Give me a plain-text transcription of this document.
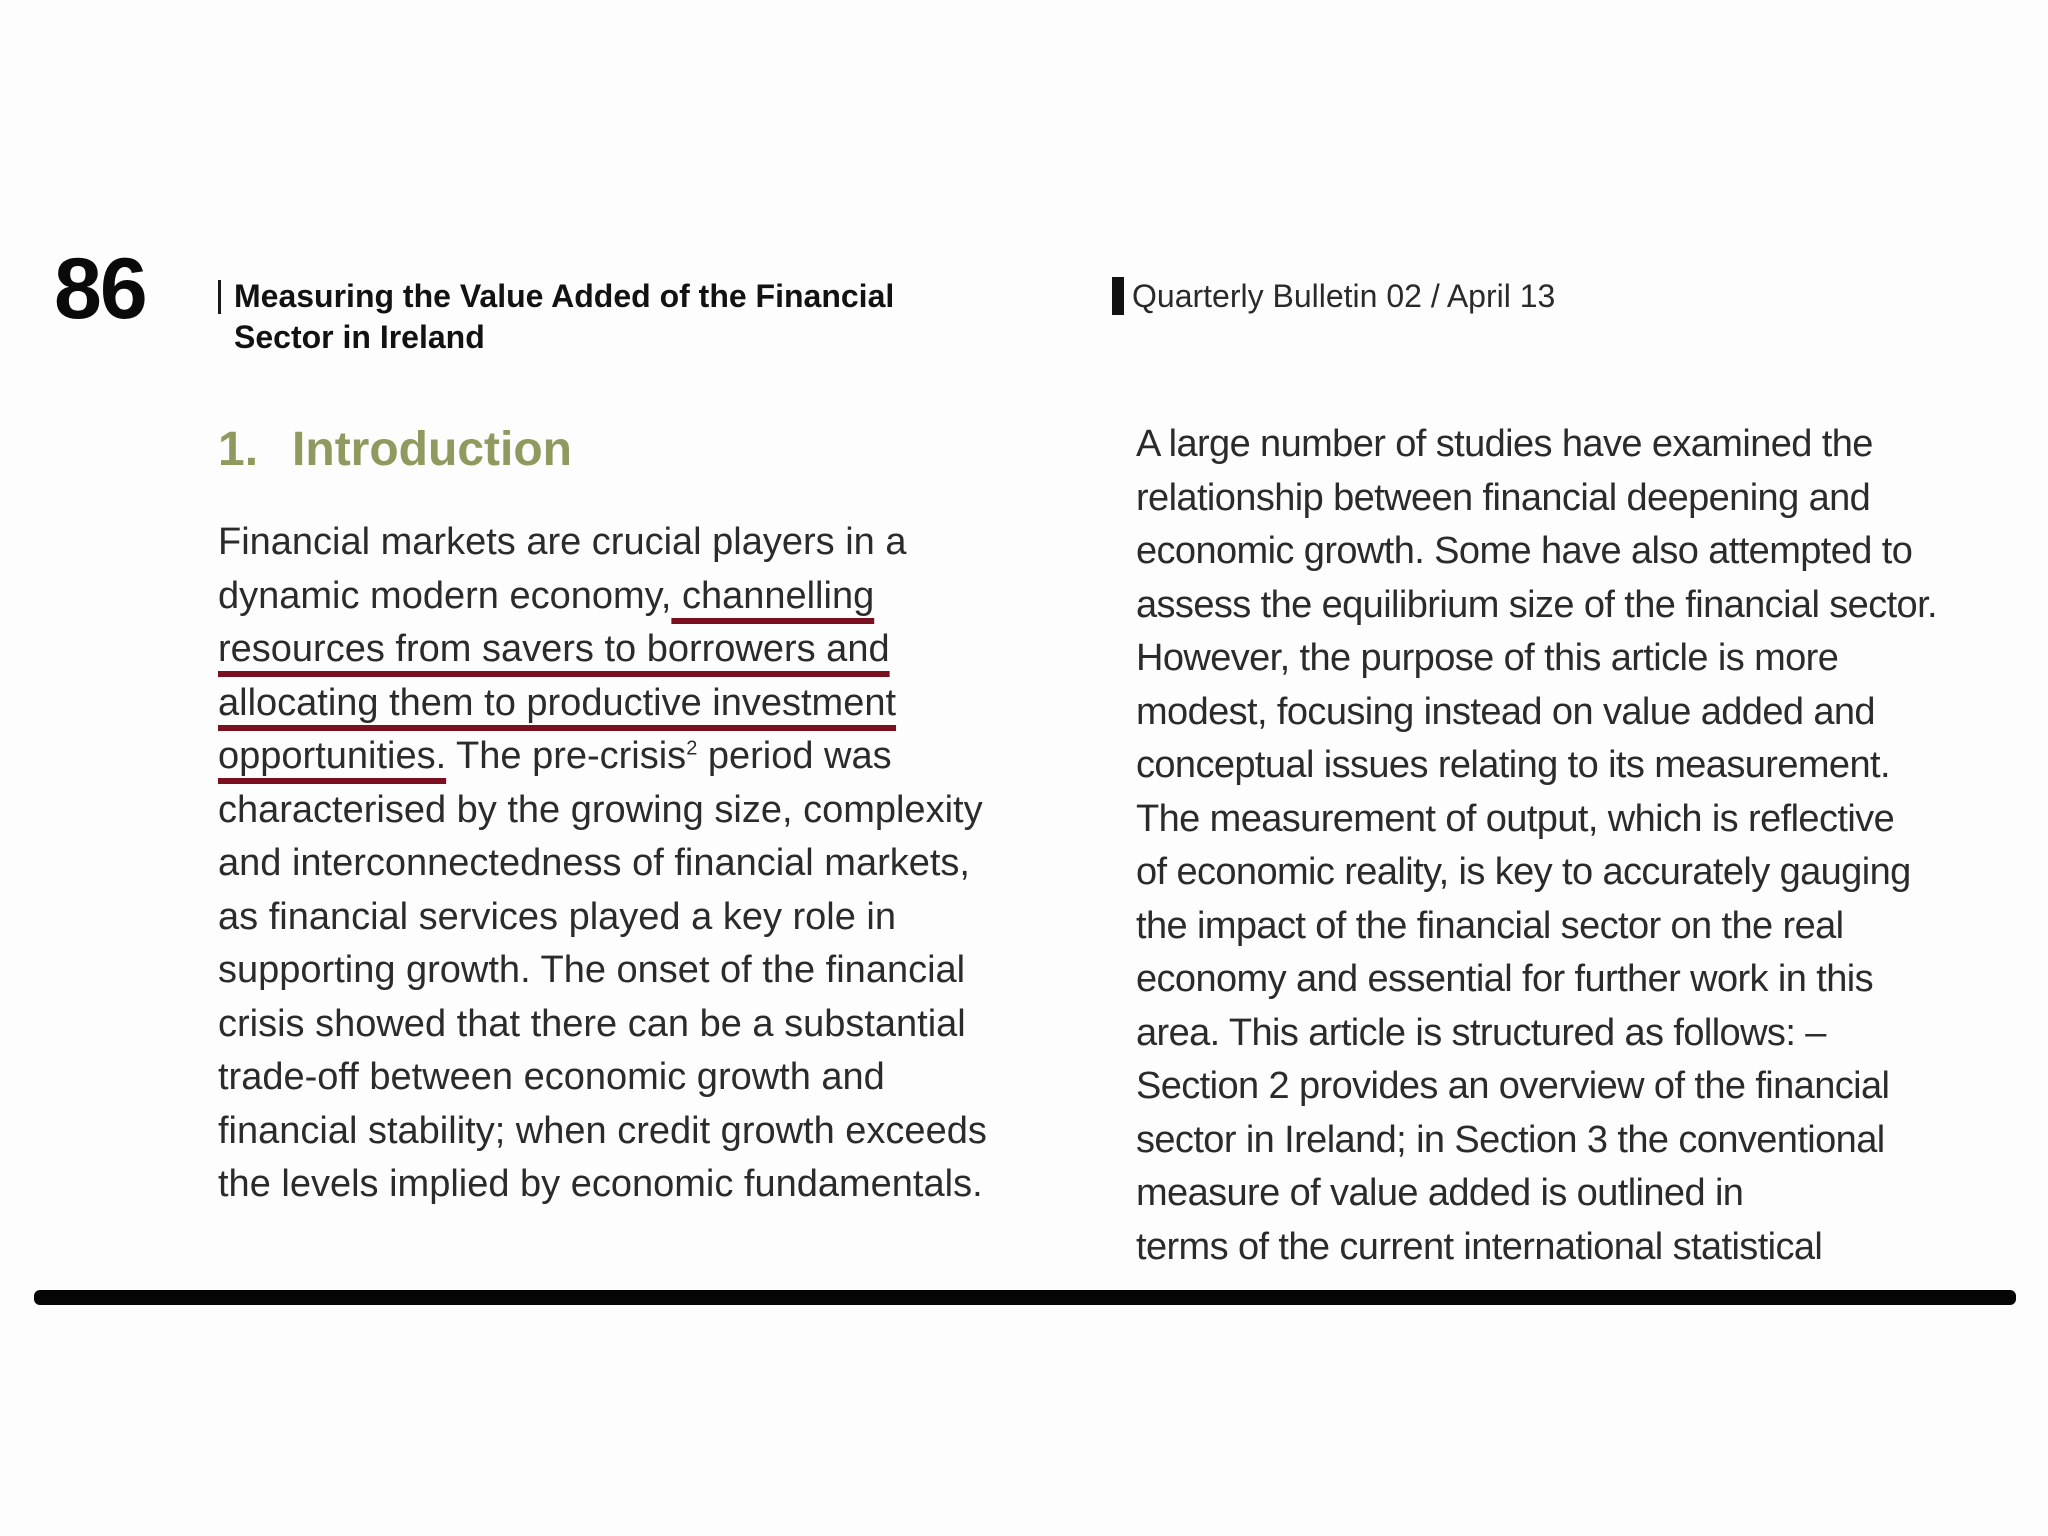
86	Measuring the Value Added of the Financial
Sector in Ireland
Quarterly Bulletin 02 / April 13
1. Introduction
Financial markets are crucial players in a
dynamic modern economy, channelling
resources from savers to borrowers and
allocating them to productive investment
opportunities. The pre-crisis$^2$ period was
characterised by the growing size, complexity
and interconnectedness of financial markets,
as financial services played a key role in
supporting growth. The onset of the financial
crisis showed that there can be a substantial
trade-off between economic growth and
financial stability; when credit growth exceeds
the levels implied by economic fundamentals.
A large number of studies have examined the
relationship between financial deepening and
economic growth. Some have also attempted to
assess the equilibrium size of the financial sector.
However, the purpose of this article is more
modest, focusing instead on value added and
conceptual issues relating to its measurement.
The measurement of output, which is reflective
of economic reality, is key to accurately gauging
the impact of the financial sector on the real
economy and essential for further work in this
area. This article is structured as follows: –
Section 2 provides an overview of the financial
sector in Ireland; in Section 3 the conventional
measure of value added is outlined in
terms of the current international statistical
